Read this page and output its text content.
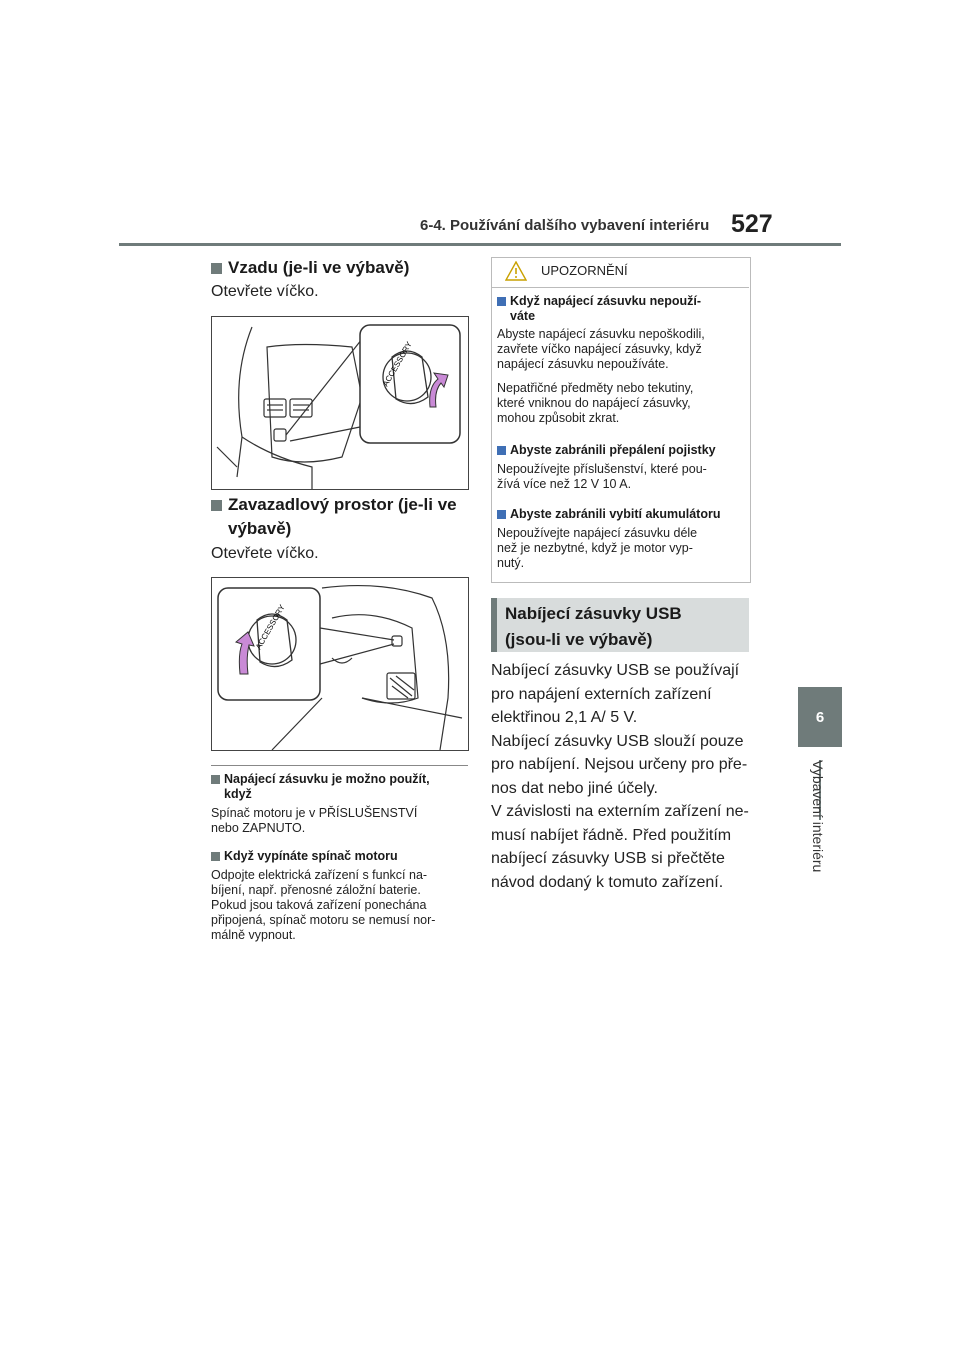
6-4. Používání dalšího vybavení interiéru 527
6
Vybavení interiéru
Vzadu (je-li ve výbavě)
Otevřete víčko.
ACCESSORY
Zavazadlový prostor (je-li ve
výbavě)
Otevřete víčko.
ACCESSORY
Napájecí zásuvku je možno použít,
když
Spínač motoru je v PŘÍSLUŠENSTVÍ
nebo ZAPNUTO.
Když vypínáte spínač motoru
Odpojte elektrická zařízení s funkcí na-
bíjení, např. přenosné záložní baterie.
Pokud jsou taková zařízení ponechána
připojená, spínač motoru se nemusí nor-
málně vypnout.
UPOZORNĚNÍ
Když napájecí zásuvku nepouží-
váte
Abyste napájecí zásuvku nepoškodili,
zavřete víčko napájecí zásuvky, když
napájecí zásuvku nepoužíváte.
Nepatřičné předměty nebo tekutiny,
které vniknou do napájecí zásuvky,
mohou způsobit zkrat.
Abyste zabránili přepálení pojistky
Nepoužívejte příslušenství, které pou-
žívá více než 12 V 10 A.
Abyste zabránili vybití akumulátoru
Nepoužívejte napájecí zásuvku déle
než je nezbytné, když je motor vyp-
nutý.
Nabíjecí zásuvky USB
(jsou-li ve výbavě)
Nabíjecí zásuvky USB se používají
pro napájení externích zařízení
elektřinou 2,1 A/ 5 V.
Nabíjecí zásuvky USB slouží pouze
pro nabíjení. Nejsou určeny pro pře-
nos dat nebo jiné účely.
V závislosti na externím zařízení ne-
musí nabíjet řádně. Před použitím
nabíjecí zásuvky USB si přečtěte
návod dodaný k tomuto zařízení.
